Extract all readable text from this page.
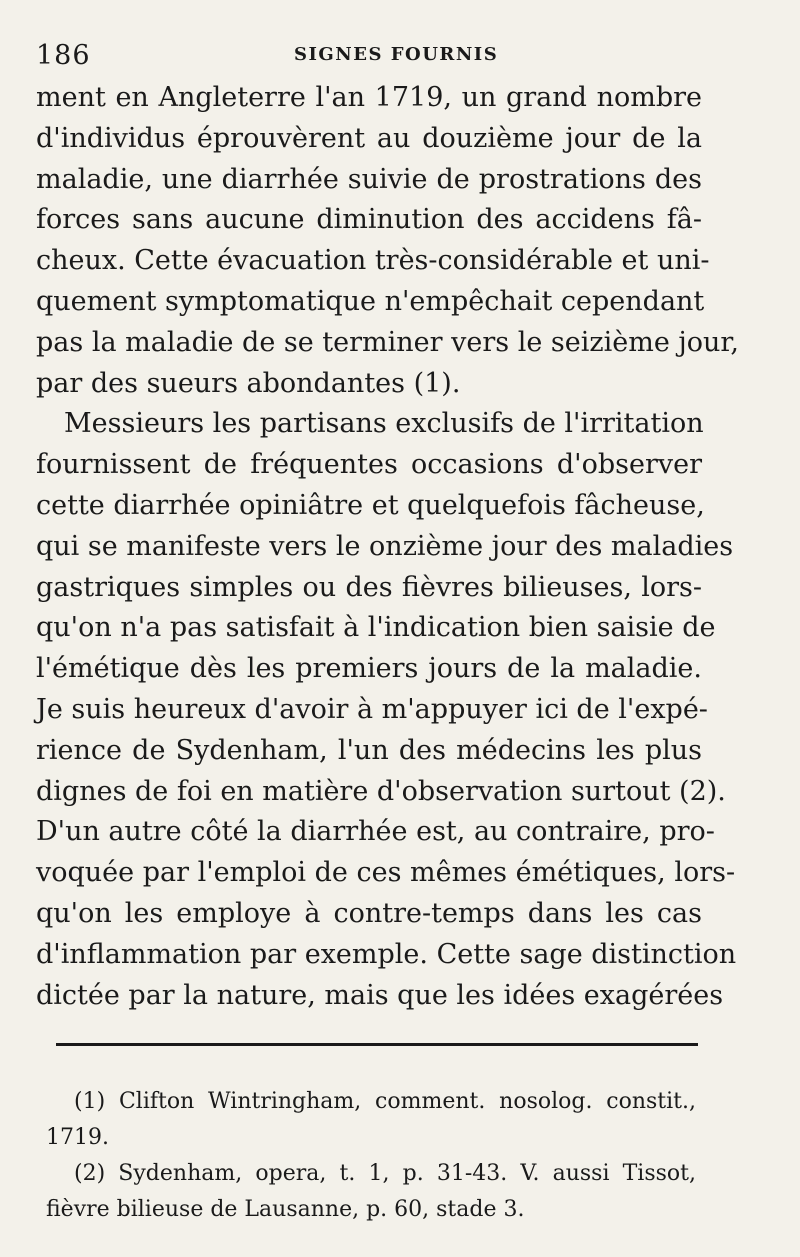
186	SIGNES FOURNIS
ment en Angleterre l'an 1719, un grand nombre
d'individus éprouvèrent au douzième jour de la
maladie, une diarrhée suivie de prostrations des
forces sans aucune diminution des accidens fâ-
cheux. Cette évacuation très-considérable et uni-
quement symptomatique n'empêchait cependant
pas la maladie de se terminer vers le seizième jour,
par des sueurs abondantes (1).
Messieurs les partisans exclusifs de l'irritation
fournissent de fréquentes occasions d'observer
cette diarrhée opiniâtre et quelquefois fâcheuse,
qui se manifeste vers le onzième jour des maladies
gastriques simples ou des fièvres bilieuses, lors-
qu'on n'a pas satisfait à l'indication bien saisie de
l'émétique dès les premiers jours de la maladie.
Je suis heureux d'avoir à m'appuyer ici de l'expé-
rience de Sydenham, l'un des médecins les plus
dignes de foi en matière d'observation surtout (2).
D'un autre côté la diarrhée est, au contraire, pro-
voquée par l'emploi de ces mêmes émétiques, lors-
qu'on les employe à contre-temps dans les cas
d'inflammation par exemple. Cette sage distinction
dictée par la nature, mais que les idées exagérées
(1) Clifton Wintringham, comment. nosolog. constit.,
1719.
(2) Sydenham, opera, t. 1, p. 31-43. V. aussi Tissot,
fièvre bilieuse de Lausanne, p. 60, stade 3.
